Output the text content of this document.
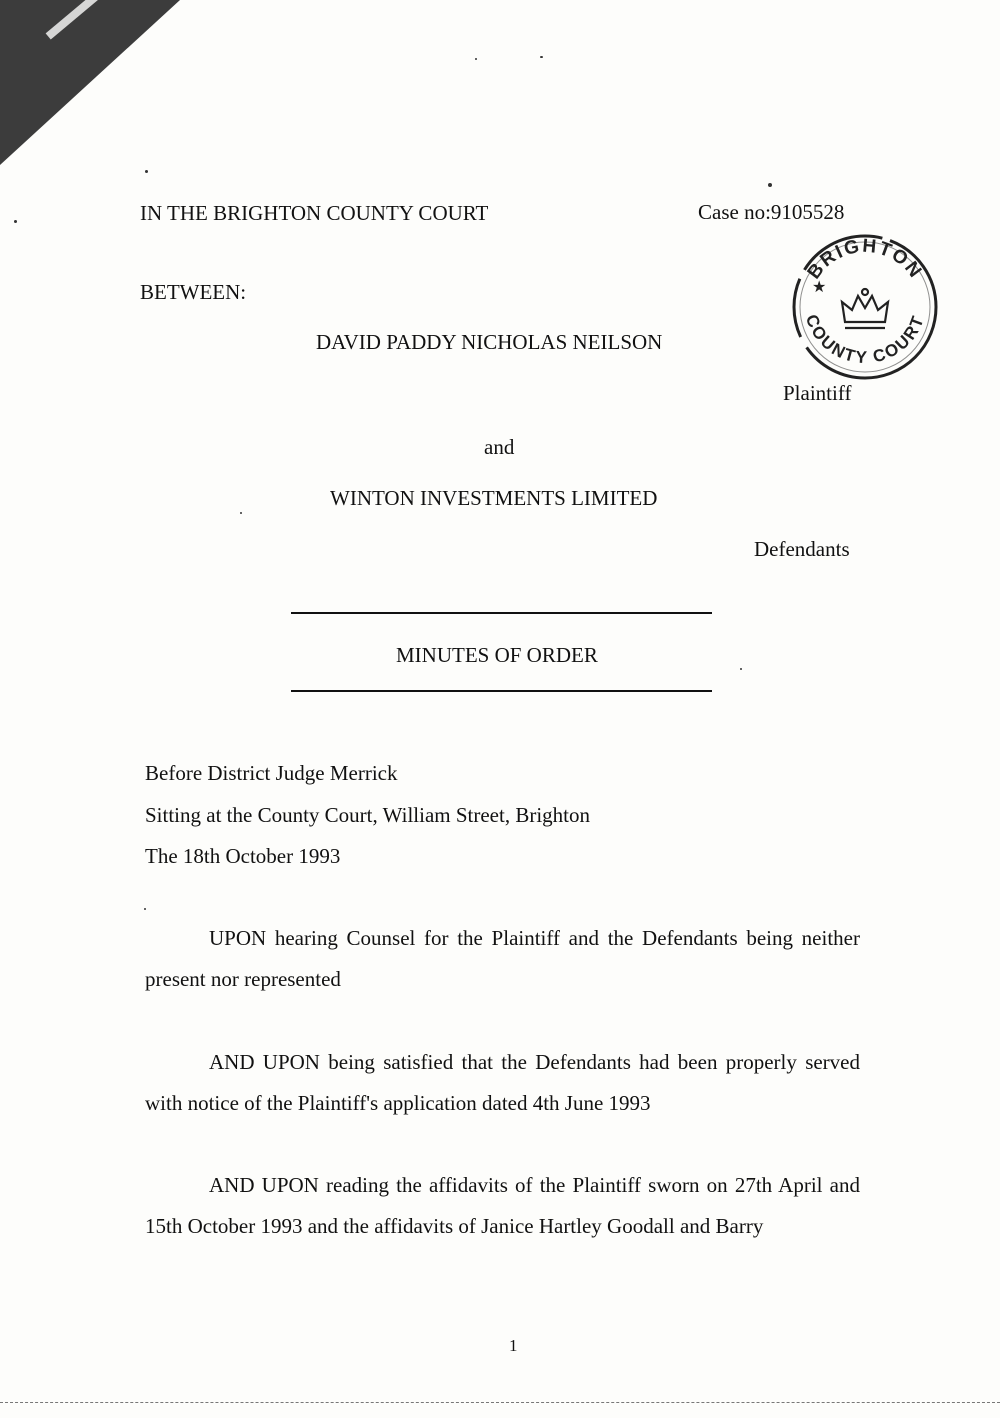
IN THE BRIGHTON COUNTY COURT	Case no:9105528
BETWEEN:
DAVID PADDY NICHOLAS NEILSON
BRIGHTON
COUNTY COURT
★
Plaintiff
and
WINTON INVESTMENTS LIMITED
Defendants
MINUTES OF ORDER
Before District Judge Merrick
Sitting at the County Court, William Street, Brighton
The 18th October 1993
UPON hearing Counsel for the Plaintiff and the Defendants being neither present nor represented
AND UPON being satisfied that the Defendants had been properly served with notice of the Plaintiff's application dated 4th June 1993
AND UPON reading the affidavits of the Plaintiff sworn on 27th April and 15th October 1993 and the affidavits of Janice Hartley Goodall and Barry
1
